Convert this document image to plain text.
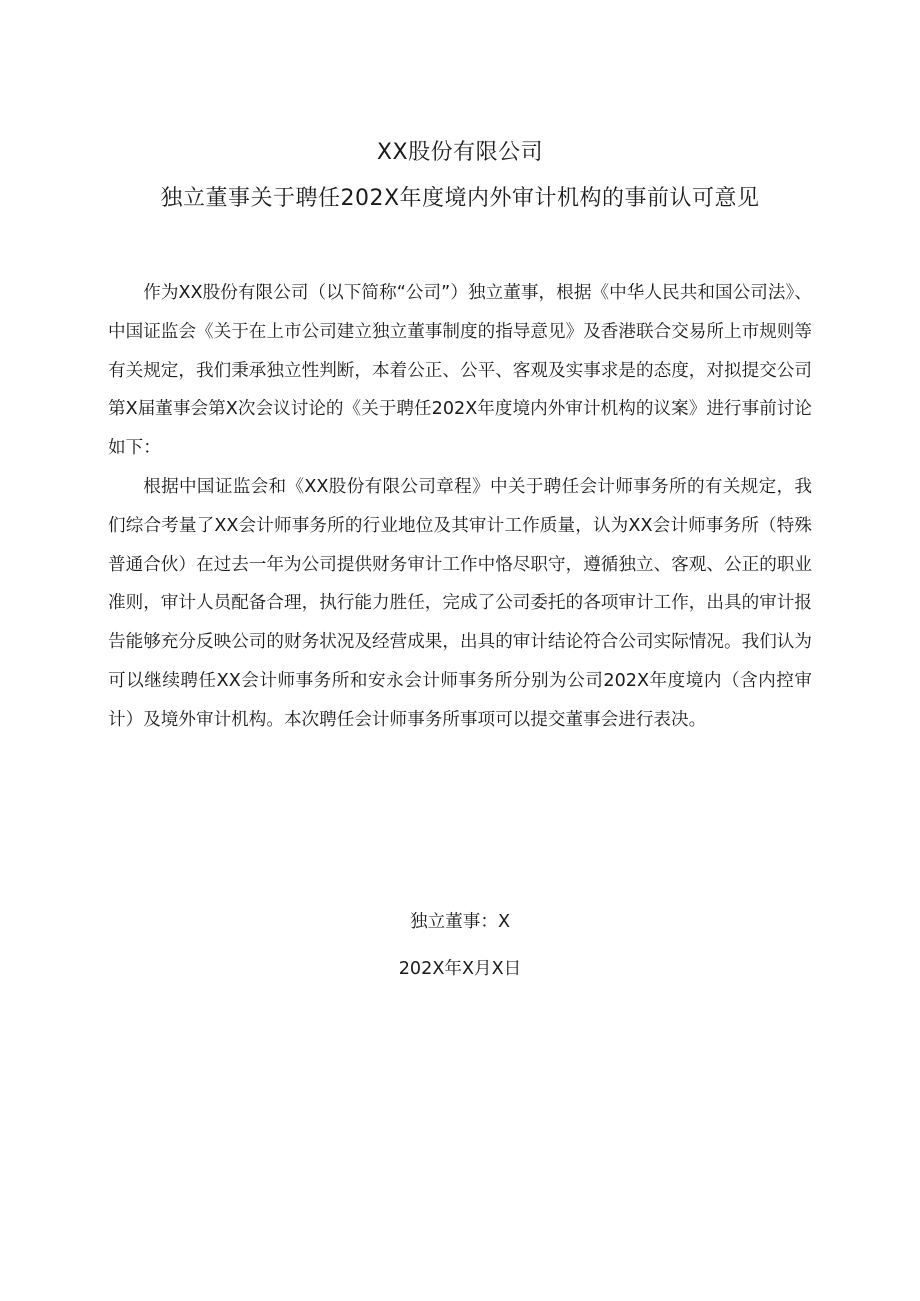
XX股份有限公司
独立董事关于聘任202X年度境内外审计机构的事前认可意见

作为XX股份有限公司（以下简称“公司”）独立董事，根据《中华人民共和国公司法》、中国证监会《关于在上市公司建立独立董事制度的指导意见》及香港联合交易所上市规则等有关规定，我们秉承独立性判断，本着公正、公平、客观及实事求是的态度，对拟提交公司第X届董事会第X次会议讨论的《关于聘任202X年度境内外审计机构的议案》进行事前讨论如下：

根据中国证监会和《XX股份有限公司章程》中关于聘任会计师事务所的有关规定，我们综合考量了XX会计师事务所的行业地位及其审计工作质量，认为XX会计师事务所（特殊普通合伙）在过去一年为公司提供财务审计工作中恪尽职守，遵循独立、客观、公正的职业准则，审计人员配备合理，执行能力胜任，完成了公司委托的各项审计工作，出具的审计报告能够充分反映公司的财务状况及经营成果，出具的审计结论符合公司实际情况。我们认为可以继续聘任XX会计师事务所和安永会计师事务所分别为公司202X年度境内（含内控审计）及境外审计机构。本次聘任会计师事务所事项可以提交董事会进行表决。

独立董事：X
202X年X月X日
